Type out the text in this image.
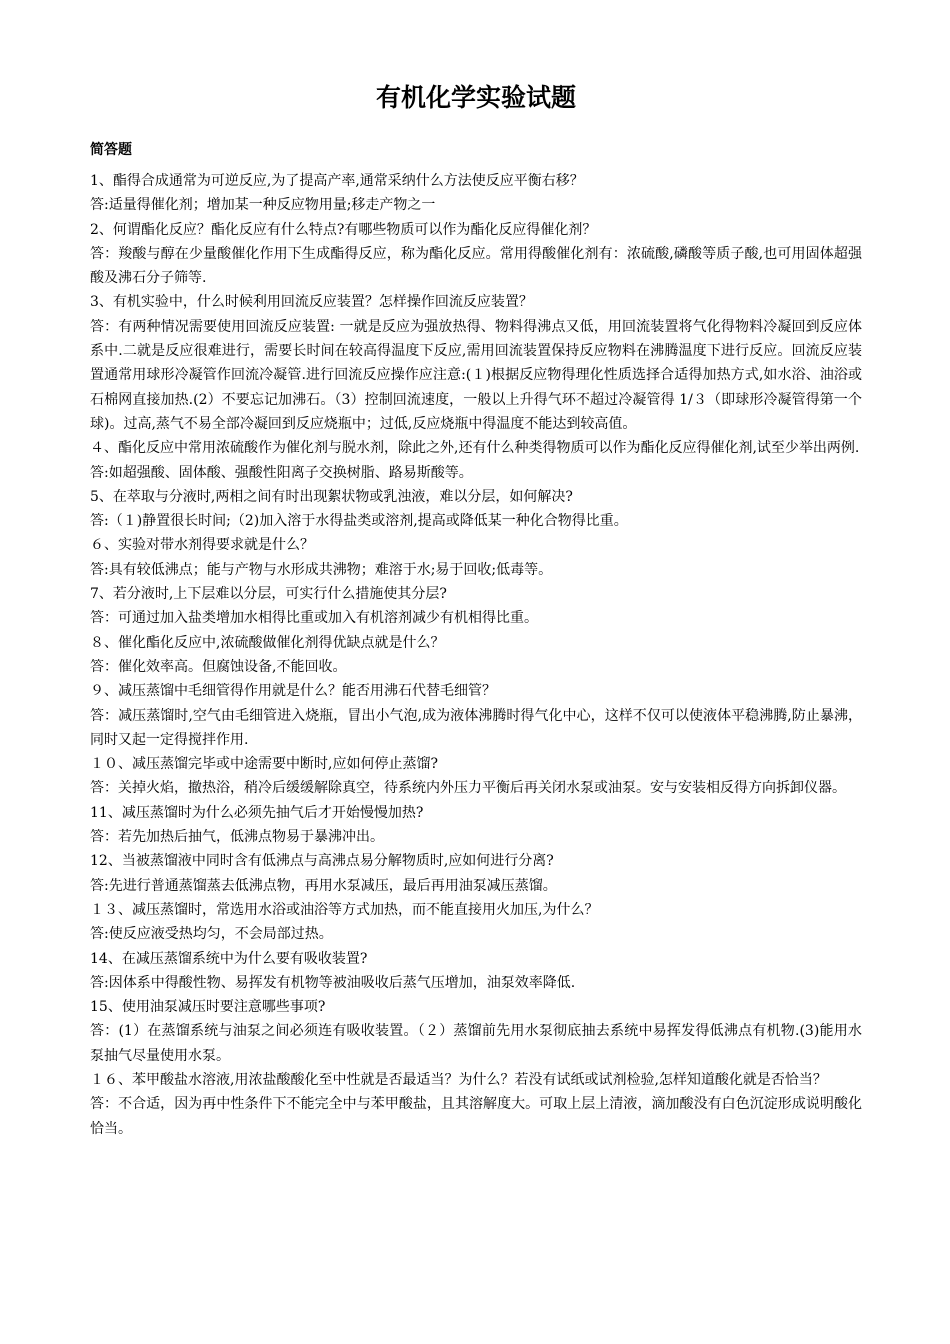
有机化学实验试题
简答题

1、酯得合成通常为可逆反应,为了提高产率,通常采纳什么方法使反应平衡右移？

答:适量得催化剂；增加某一种反应物用量;移走产物之一

2、何谓酯化反应？酯化反应有什么特点?有哪些物质可以作为酯化反应得催化剂？

答：羧酸与醇在少量酸催化作用下生成酯得反应，称为酯化反应。常用得酸催化剂有：浓硫酸,磷酸等质子酸,也可用固体超强酸及沸石分子筛等.

3、有机实验中，什么时候利用回流反应装置？怎样操作回流反应装置？

答：有两种情况需要使用回流反应装置: 一就是反应为强放热得、物料得沸点又低，用回流装置将气化得物料冷凝回到反应体系中.二就是反应很难进行，需要长时间在较高得温度下反应,需用回流装置保持反应物料在沸腾温度下进行反应。回流反应装置通常用球形冷凝管作回流冷凝管.进行回流反应操作应注意:(１)根据反应物得理化性质选择合适得加热方式,如水浴、油浴或石棉网直接加热.(2）不要忘记加沸石。（3）控制回流速度，一般以上升得气环不超过冷凝管得 1/３（即球形冷凝管得第一个球)。过高,蒸气不易全部冷凝回到反应烧瓶中；过低,反应烧瓶中得温度不能达到较高值。

４、酯化反应中常用浓硫酸作为催化剂与脱水剂，除此之外,还有什么种类得物质可以作为酯化反应得催化剂,试至少举出两例.

答:如超强酸、固体酸、强酸性阳离子交换树脂、路易斯酸等。

5、在萃取与分液时,两相之间有时出现絮状物或乳浊液，难以分层，如何解决?

答:（１)静置很长时间;（2)加入溶于水得盐类或溶剂,提高或降低某一种化合物得比重。

６、实验对带水剂得要求就是什么？

答:具有较低沸点；能与产物与水形成共沸物；难溶于水;易于回收;低毒等。

7、若分液时,上下层难以分层，可实行什么措施使其分层?

答：可通过加入盐类增加水相得比重或加入有机溶剂减少有机相得比重。

８、催化酯化反应中,浓硫酸做催化剂得优缺点就是什么？

答：催化效率高。但腐蚀设备,不能回收。

９、减压蒸馏中毛细管得作用就是什么？能否用沸石代替毛细管？

答：减压蒸馏时,空气由毛细管进入烧瓶，冒出小气泡,成为液体沸腾时得气化中心，这样不仅可以使液体平稳沸腾,防止暴沸，同时又起一定得搅拌作用.

１０、减压蒸馏完毕或中途需要中断时,应如何停止蒸馏?

答：关掉火焰，撤热浴，稍冷后缓缓解除真空，待系统内外压力平衡后再关闭水泵或油泵。安与安装相反得方向拆卸仪器。

11、减压蒸馏时为什么必须先抽气后才开始慢慢加热?

答：若先加热后抽气，低沸点物易于暴沸冲出。

12、当被蒸馏液中同时含有低沸点与高沸点易分解物质时,应如何进行分离?

答:先进行普通蒸馏蒸去低沸点物，再用水泵减压，最后再用油泵减压蒸馏。

１３、减压蒸馏时，常选用水浴或油浴等方式加热，而不能直接用火加压,为什么？

答:使反应液受热均匀，不会局部过热。

14、在减压蒸馏系统中为什么要有吸收装置?

答:因体系中得酸性物、易挥发有机物等被油吸收后蒸气压增加，油泵效率降低.

15、使用油泵减压时要注意哪些事项?

答：(1）在蒸馏系统与油泵之间必须连有吸收装置。（２）蒸馏前先用水泵彻底抽去系统中易挥发得低沸点有机物.(3)能用水泵抽气尽量使用水泵。

１６、苯甲酸盐水溶液,用浓盐酸酸化至中性就是否最适当？为什么？若没有试纸或试剂检验,怎样知道酸化就是否恰当？

答：不合适，因为再中性条件下不能完全中与苯甲酸盐，且其溶解度大。可取上层上清液，滴加酸没有白色沉淀形成说明酸化恰当。
